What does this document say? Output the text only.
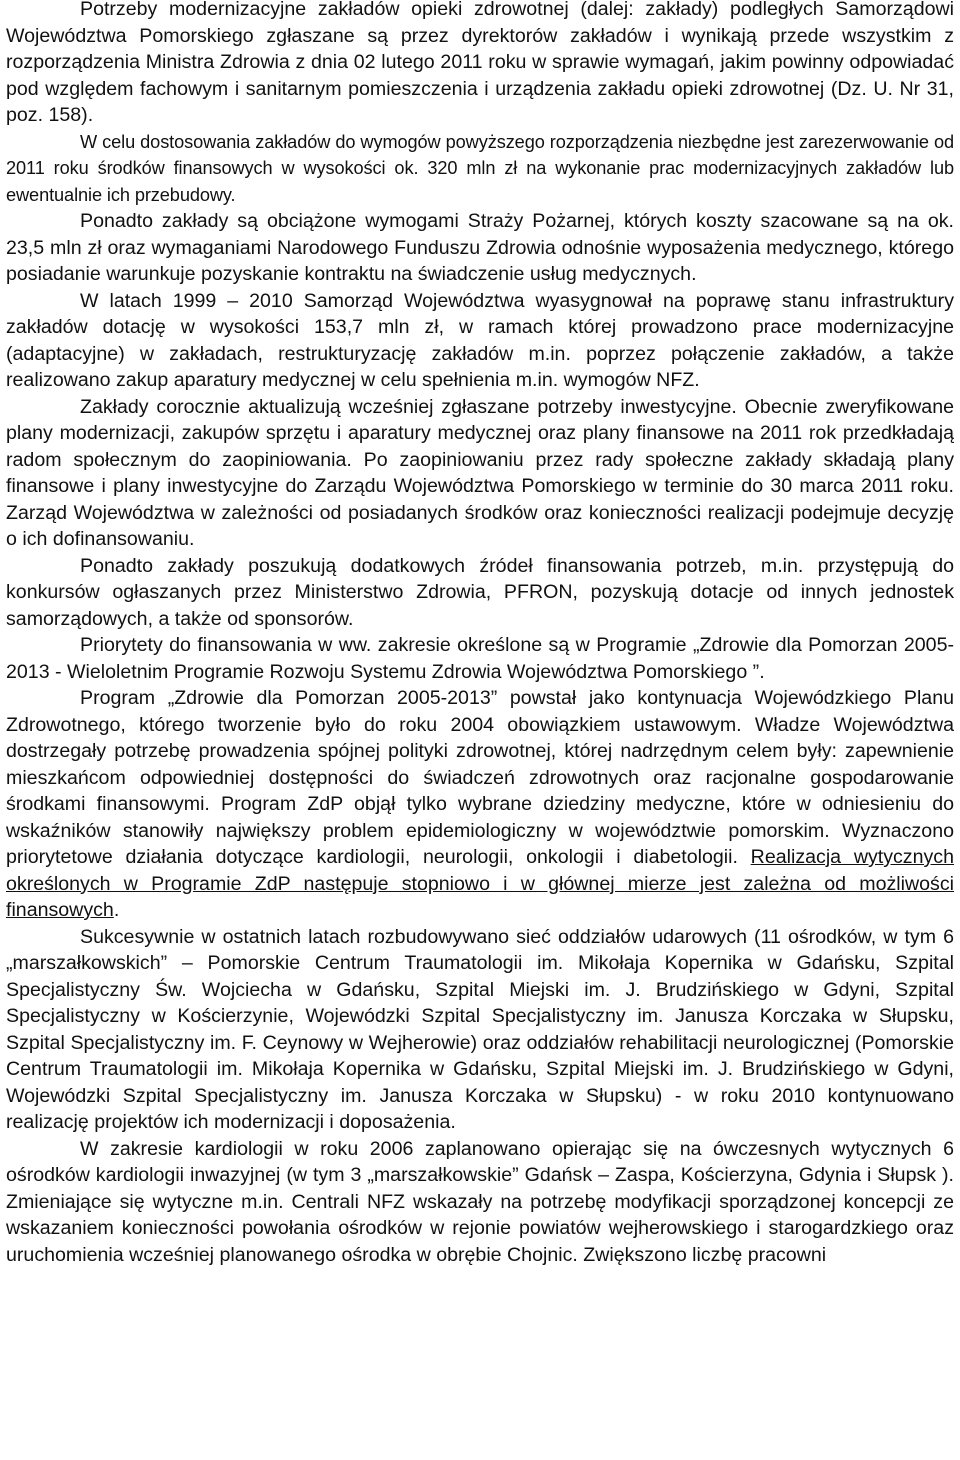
Potrzeby modernizacyjne zakładów opieki zdrowotnej (dalej: zakłady) podległych Samorządowi Województwa Pomorskiego zgłaszane są przez dyrektorów zakładów i wynikają przede wszystkim z rozporządzenia Ministra Zdrowia z dnia 02 lutego 2011 roku w sprawie wymagań, jakim powinny odpowiadać pod względem fachowym i sanitarnym pomieszczenia i urządzenia zakładu opieki zdrowotnej (Dz. U. Nr 31, poz. 158).

W celu dostosowania zakładów do wymogów powyższego rozporządzenia niezbędne jest zarezerwowanie od 2011 roku środków finansowych w wysokości ok. 320 mln zł na wykonanie prac modernizacyjnych zakładów lub ewentualnie ich przebudowy.

Ponadto zakłady są obciążone wymogami Straży Pożarnej, których koszty szacowane są na ok. 23,5 mln zł oraz wymaganiami Narodowego Funduszu Zdrowia odnośnie wyposażenia medycznego, którego posiadanie warunkuje pozyskanie kontraktu na świadczenie usług medycznych.

W latach 1999 – 2010 Samorząd Województwa wyasygnował na poprawę stanu infrastruktury zakładów dotację w wysokości 153,7 mln zł, w ramach której prowadzono prace modernizacyjne (adaptacyjne) w zakładach, restrukturyzację zakładów m.in. poprzez połączenie zakładów, a także realizowano zakup aparatury medycznej w celu spełnienia m.in. wymogów NFZ.

Zakłady corocznie aktualizują wcześniej zgłaszane potrzeby inwestycyjne. Obecnie zweryfikowane plany modernizacji, zakupów sprzętu i aparatury medycznej oraz plany finansowe na 2011 rok przedkładają radom społecznym do zaopiniowania. Po zaopiniowaniu przez rady społeczne zakłady składają plany finansowe i plany inwestycyjne do Zarządu Województwa Pomorskiego w terminie do 30 marca 2011 roku. Zarząd Województwa w zależności od posiadanych środków oraz konieczności realizacji podejmuje decyzję o ich dofinansowaniu.

Ponadto zakłady poszukują dodatkowych źródeł finansowania potrzeb, m.in. przystępują do konkursów ogłaszanych przez Ministerstwo Zdrowia, PFRON, pozyskują dotacje od innych jednostek samorządowych, a także od sponsorów.

Priorytety do finansowania w ww. zakresie określone są w Programie „Zdrowie dla Pomorzan 2005-2013 - Wieloletnim Programie Rozwoju Systemu Zdrowia Województwa Pomorskiego ”.

Program „Zdrowie dla Pomorzan 2005-2013” powstał jako kontynuacja Wojewódzkiego Planu Zdrowotnego, którego tworzenie było do roku 2004 obowiązkiem ustawowym. Władze Województwa dostrzegały potrzebę prowadzenia spójnej polityki zdrowotnej, której nadrzędnym celem były: zapewnienie mieszkańcom odpowiedniej dostępności do świadczeń zdrowotnych oraz racjonalne gospodarowanie środkami finansowymi. Program ZdP objął tylko wybrane dziedziny medyczne, które w odniesieniu do wskaźników stanowiły największy problem epidemiologiczny w województwie pomorskim. Wyznaczono priorytetowe działania dotyczące kardiologii, neurologii, onkologii i diabetologii. Realizacja wytycznych określonych w Programie ZdP następuje stopniowo i w głównej mierze jest zależna od możliwości finansowych.

Sukcesywnie w ostatnich latach rozbudowywano sieć oddziałów udarowych (11 ośrodków, w tym 6 „marszałkowskich” – Pomorskie Centrum Traumatologii im. Mikołaja Kopernika w Gdańsku, Szpital Specjalistyczny Św. Wojciecha w Gdańsku, Szpital Miejski im. J. Brudzińskiego w Gdyni, Szpital Specjalistyczny w Kościerzynie, Wojewódzki Szpital Specjalistyczny im. Janusza Korczaka w Słupsku, Szpital Specjalistyczny im. F. Ceynowy w Wejherowie) oraz oddziałów rehabilitacji neurologicznej (Pomorskie Centrum Traumatologii im. Mikołaja Kopernika w Gdańsku, Szpital Miejski im. J. Brudzińskiego w Gdyni, Wojewódzki Szpital Specjalistyczny im. Janusza Korczaka w Słupsku) - w roku 2010 kontynuowano realizację projektów ich modernizacji i doposażenia.

W zakresie kardiologii w roku 2006 zaplanowano opierając się na ówczesnych wytycznych 6 ośrodków kardiologii inwazyjnej (w tym 3 „marszałkowskie” Gdańsk – Zaspa, Kościerzyna, Gdynia i Słupsk ). Zmieniające się wytyczne m.in. Centrali NFZ wskazały na potrzebę modyfikacji sporządzonej koncepcji ze wskazaniem konieczności powołania ośrodków w rejonie powiatów wejherowskiego i starogardzkiego oraz uruchomienia wcześniej planowanego ośrodka w obrębie Chojnic. Zwiększono liczbę pracowni
